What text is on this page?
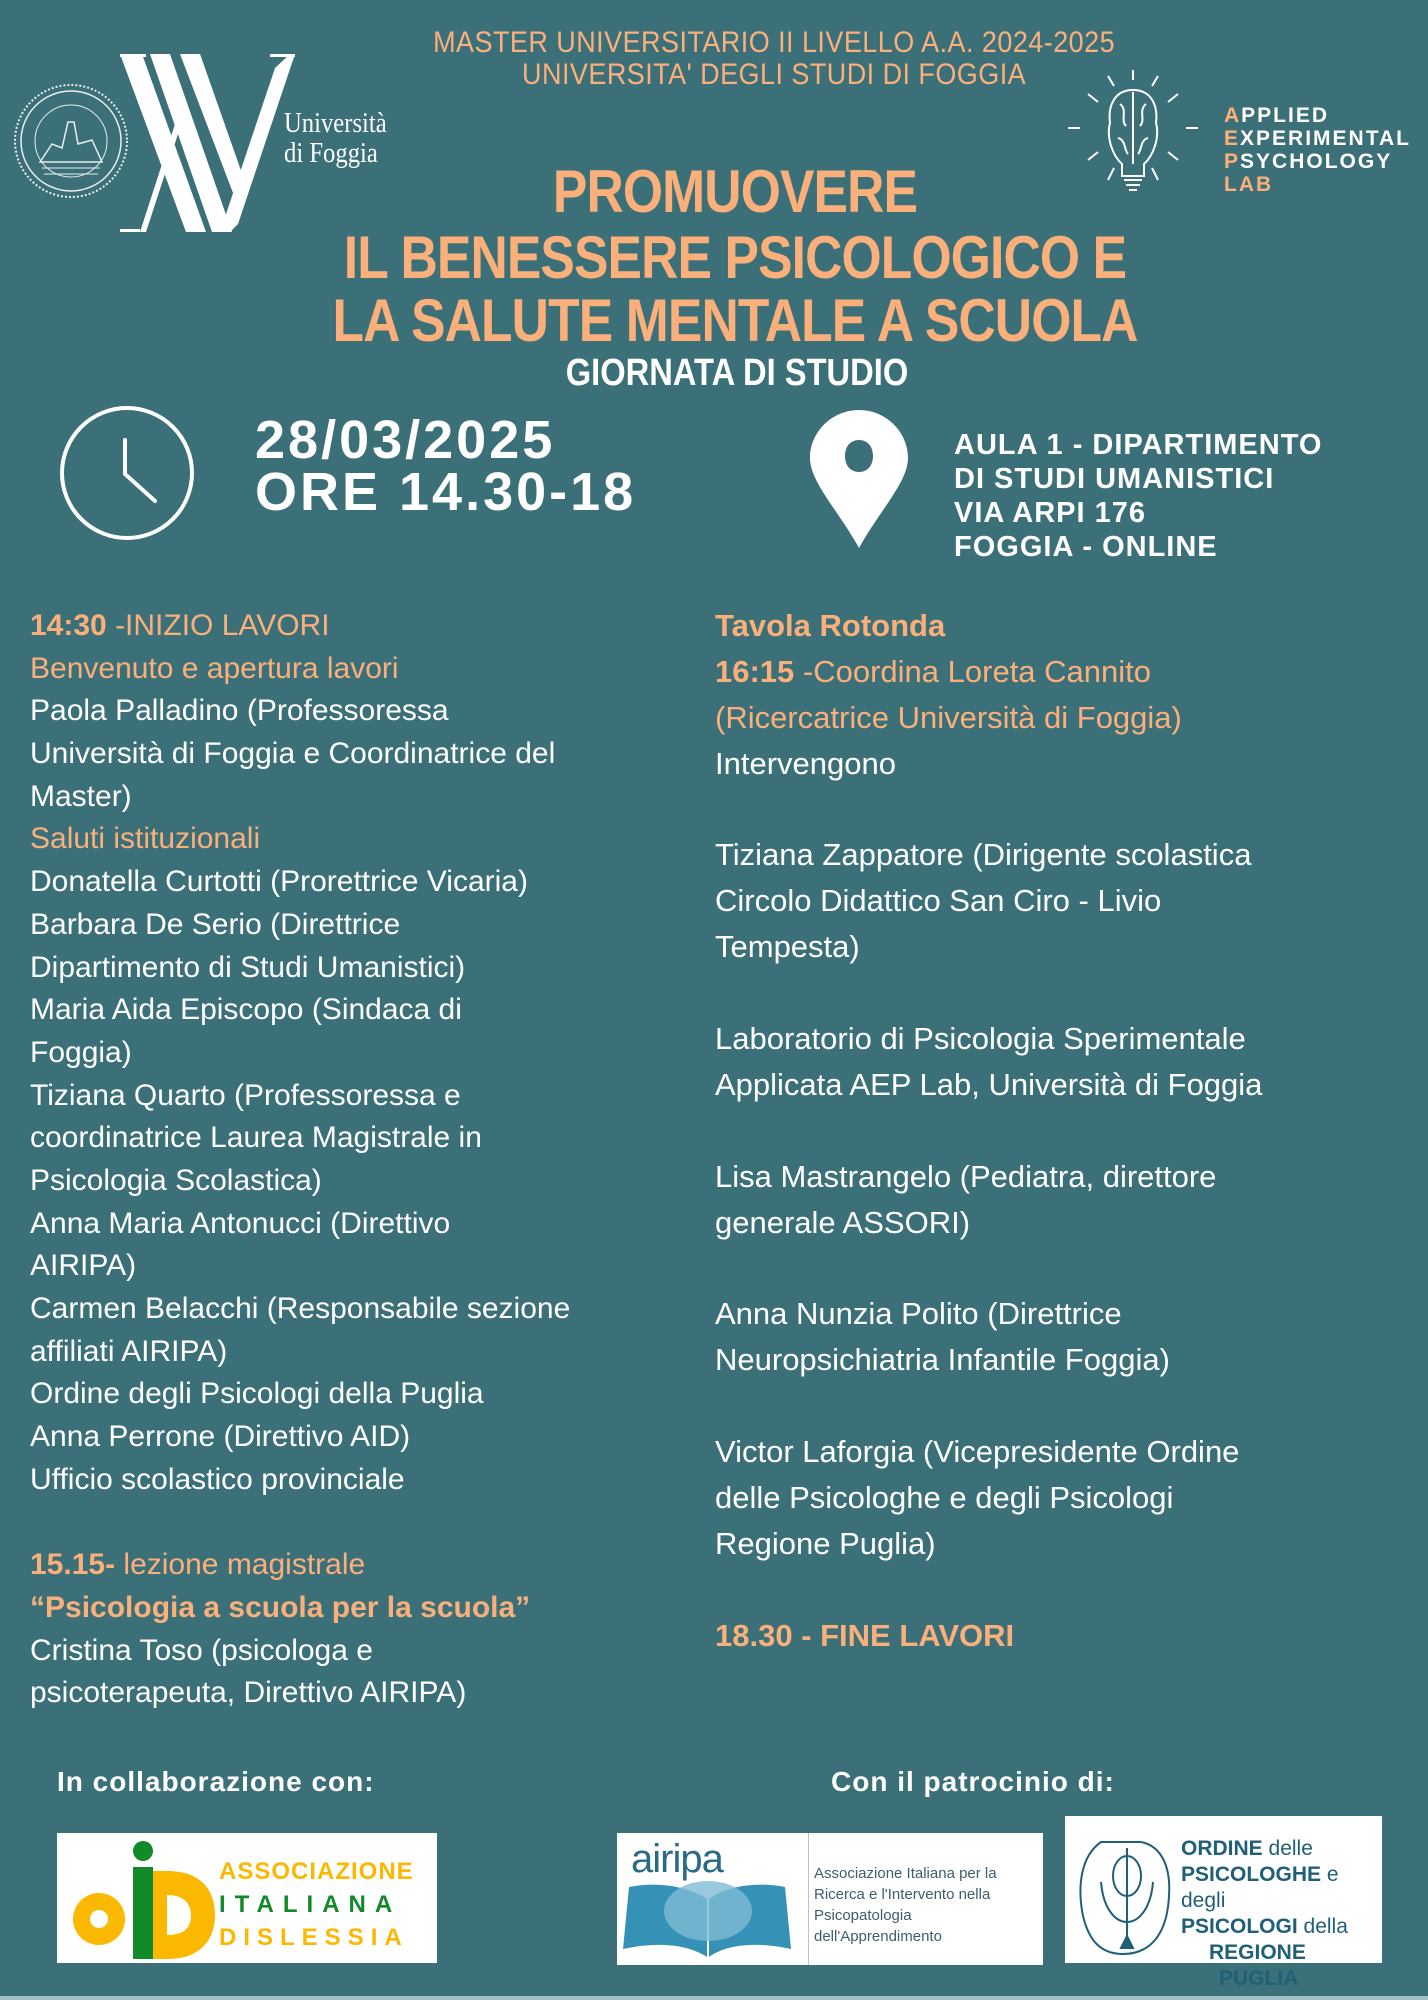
MASTER UNIVERSITARIO II LIVELLO A.A. 2024-2025
UNIVERSITA' DEGLI STUDI DI FOGGIA
Università
di Foggia
APPLIED
EXPERIMENTAL
PSYCHOLOGY
LAB
PROMUOVERE
IL BENESSERE PSICOLOGICO E
LA SALUTE MENTALE A SCUOLA
GIORNATA DI STUDIO
28/03/2025
ORE 14.30-18
AULA 1 - DIPARTIMENTO
DI STUDI UMANISTICI
VIA ARPI 176
FOGGIA - ONLINE
14:30 -INIZIO LAVORI
Benvenuto e apertura lavori
Paola Palladino (Professoressa
Università di Foggia e Coordinatrice del
Master)
Saluti istituzionali
Donatella Curtotti (Prorettrice Vicaria)
Barbara De Serio (Direttrice
Dipartimento di Studi Umanistici)
Maria Aida Episcopo (Sindaca di
Foggia)
Tiziana Quarto (Professoressa e
coordinatrice Laurea Magistrale in
Psicologia Scolastica)
Anna Maria Antonucci (Direttivo
AIRIPA)
Carmen Belacchi (Responsabile sezione
affiliati AIRIPA)
Ordine degli Psicologi della Puglia
Anna Perrone (Direttivo AID)
Ufficio scolastico provinciale
15.15- lezione magistrale
“Psicologia a scuola per la scuola”
Cristina Toso (psicologa e
psicoterapeuta, Direttivo AIRIPA)
Tavola Rotonda
16:15 -Coordina Loreta Cannito
(Ricercatrice Università di Foggia)
Intervengono
Tiziana Zappatore (Dirigente scolastica
Circolo Didattico San Ciro - Livio
Tempesta)
Laboratorio di Psicologia Sperimentale
Applicata AEP Lab, Università di Foggia
Lisa Mastrangelo (Pediatra, direttore
generale ASSORI)
Anna Nunzia Polito (Direttrice
Neuropsichiatria Infantile Foggia)
Victor Laforgia (Vicepresidente Ordine
delle Psicologhe e degli Psicologi
Regione Puglia)
18.30 - FINE LAVORI
In collaborazione con:	Con il patrocinio di:
ASSOCIAZIONE
ITALIANA
DISLESSIA
airipa	Associazione Italiana per la
Ricerca e l'Intervento nella
Psicopatologia
dell'Apprendimento
ORDINE delle
PSICOLOGHE e degli
PSICOLOGI della
REGIONE
PUGLIA
